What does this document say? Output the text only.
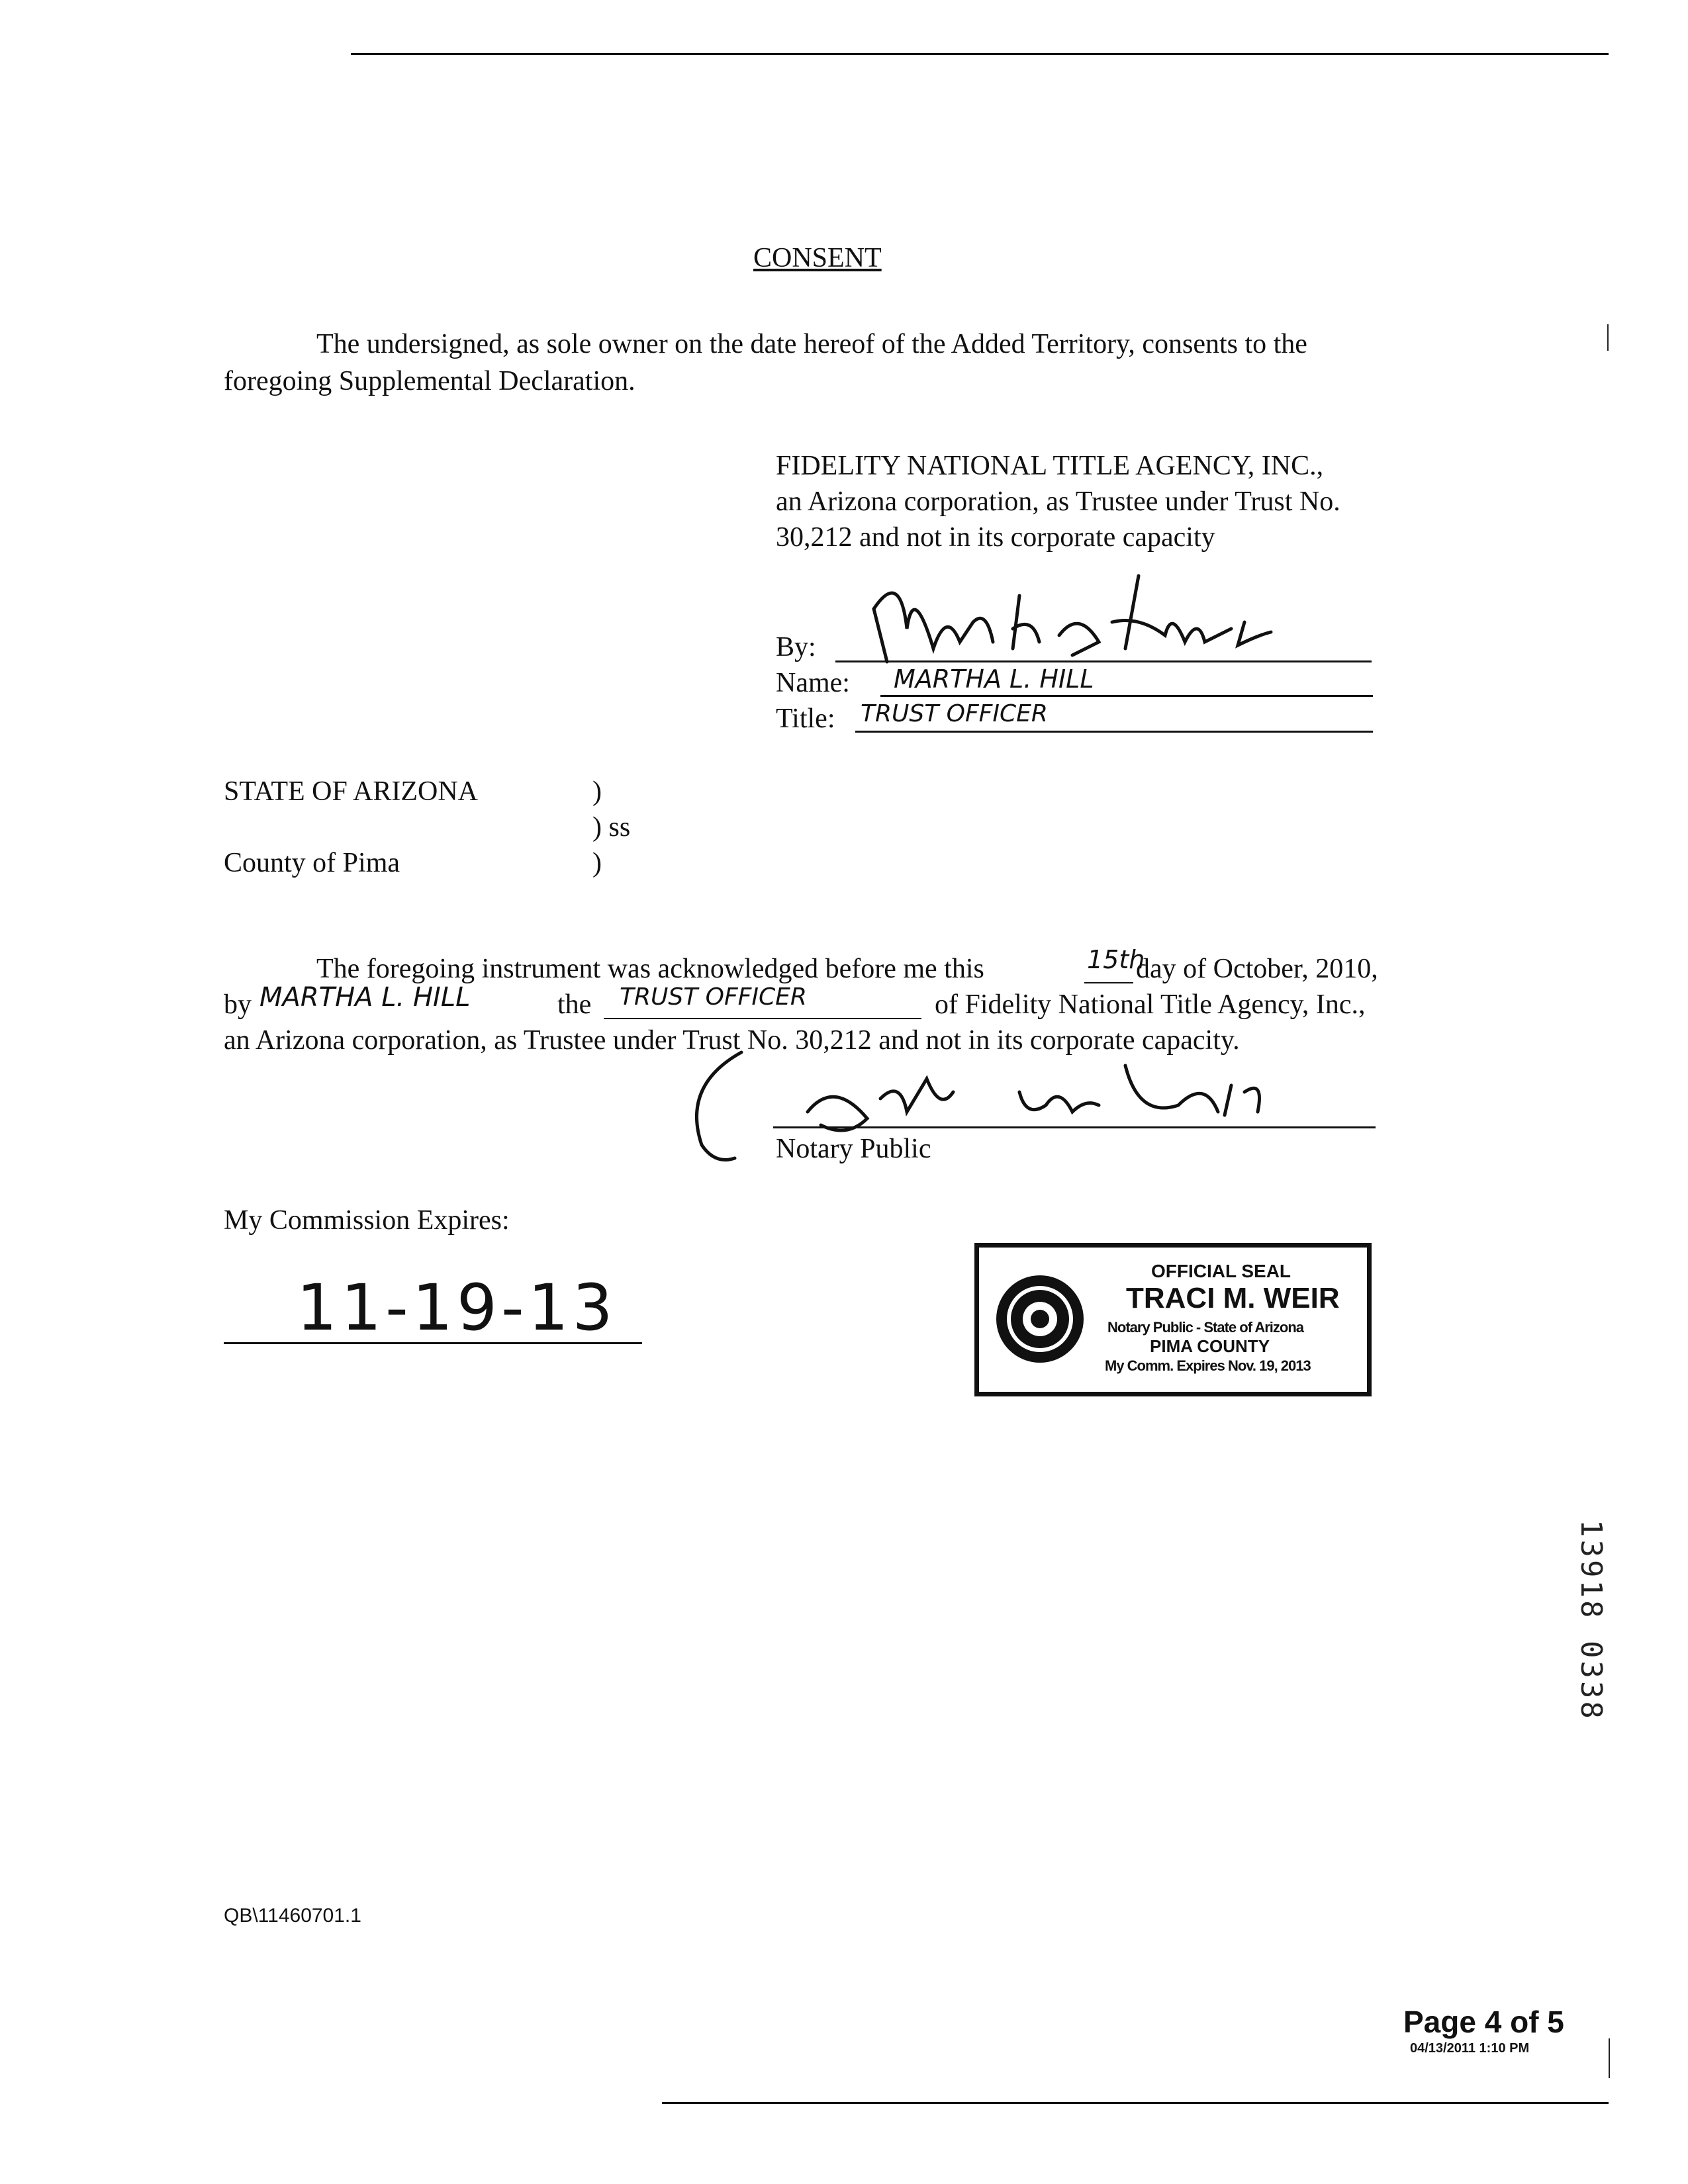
CONSENT
The undersigned, as sole owner on the date hereof of the Added Territory, consents to the
foregoing Supplemental Declaration.
FIDELITY NATIONAL TITLE AGENCY, INC.,
an Arizona corporation, as Trustee under Trust No.
30,212 and not in its corporate capacity
By:
Name: MARTHA L. HILL
Title: TRUST OFFICER
STATE OF ARIZONA	)
) ss
County of Pima	)
The foregoing instrument was acknowledged before me this	15th
day of October, 2010,
by MARTHA L. HILL	the TRUST OFFICER	of Fidelity National Title Agency, Inc.,
an Arizona corporation, as Trustee under Trust No. 30,212 and not in its corporate capacity.
Notary Public
My Commission Expires:
11-19-13	OFFICIAL SEAL
TRACI M. WEIR
Notary Public - State of Arizona
PIMA COUNTY
My Comm. Expires Nov. 19, 2013
13918 0338
QB\11460701.1
Page 4 of 5
04/13/2011 1:10 PM
